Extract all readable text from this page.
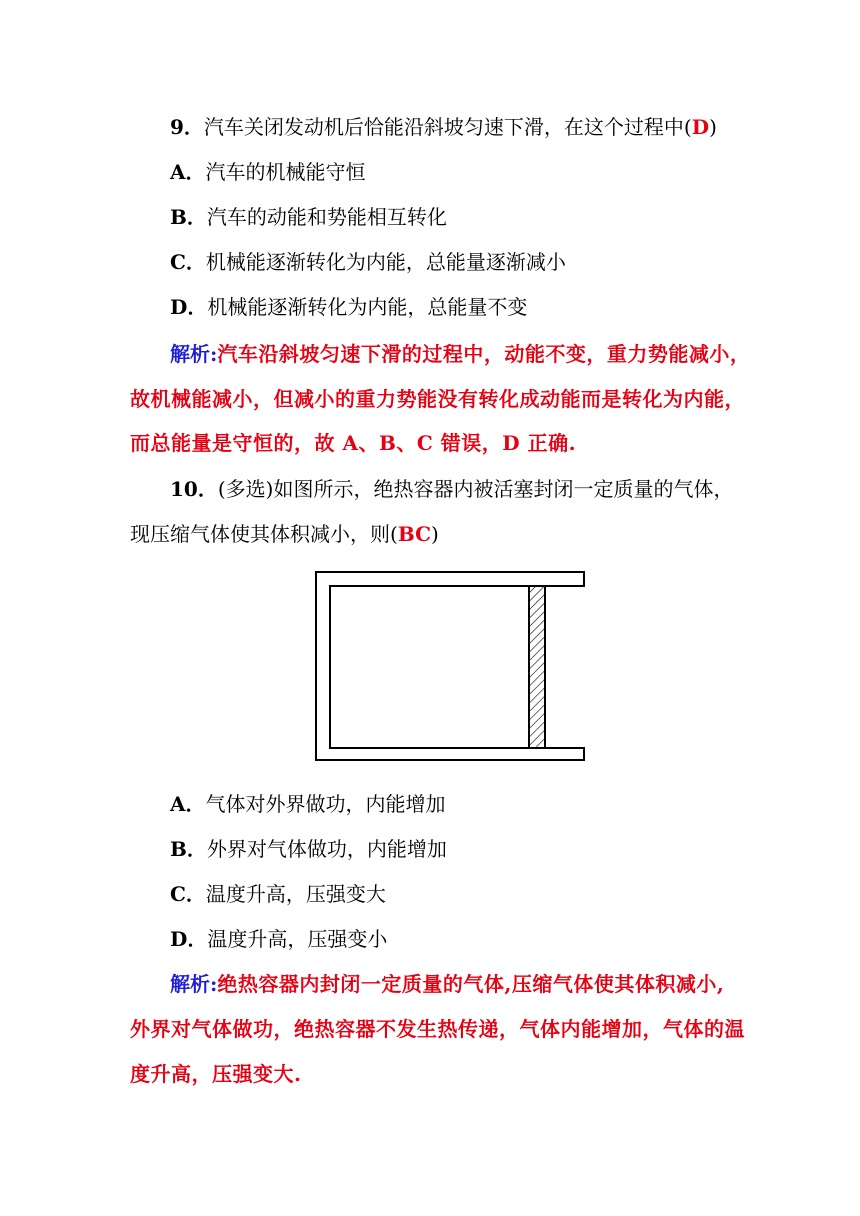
9．汽车关闭发动机后恰能沿斜坡匀速下滑，在这个过程中(D)
A．汽车的机械能守恒
B．汽车的动能和势能相互转化
C．机械能逐渐转化为内能，总能量逐渐减小
D．机械能逐渐转化为内能，总能量不变
解析:汽车沿斜坡匀速下滑的过程中，动能不变，重力势能减小，
故机械能减小，但减小的重力势能没有转化成动能而是转化为内能，
而总能量是守恒的，故 A、B、C 错误，D 正确.
10．(多选)如图所示，绝热容器内被活塞封闭一定质量的气体，
现压缩气体使其体积减小，则(BC)
A．气体对外界做功，内能增加
B．外界对气体做功，内能增加
C．温度升高，压强变大
D．温度升高，压强变小
解析:绝热容器内封闭一定质量的气体,压缩气体使其体积减小,
外界对气体做功，绝热容器不发生热传递，气体内能增加，气体的温
度升高，压强变大.
